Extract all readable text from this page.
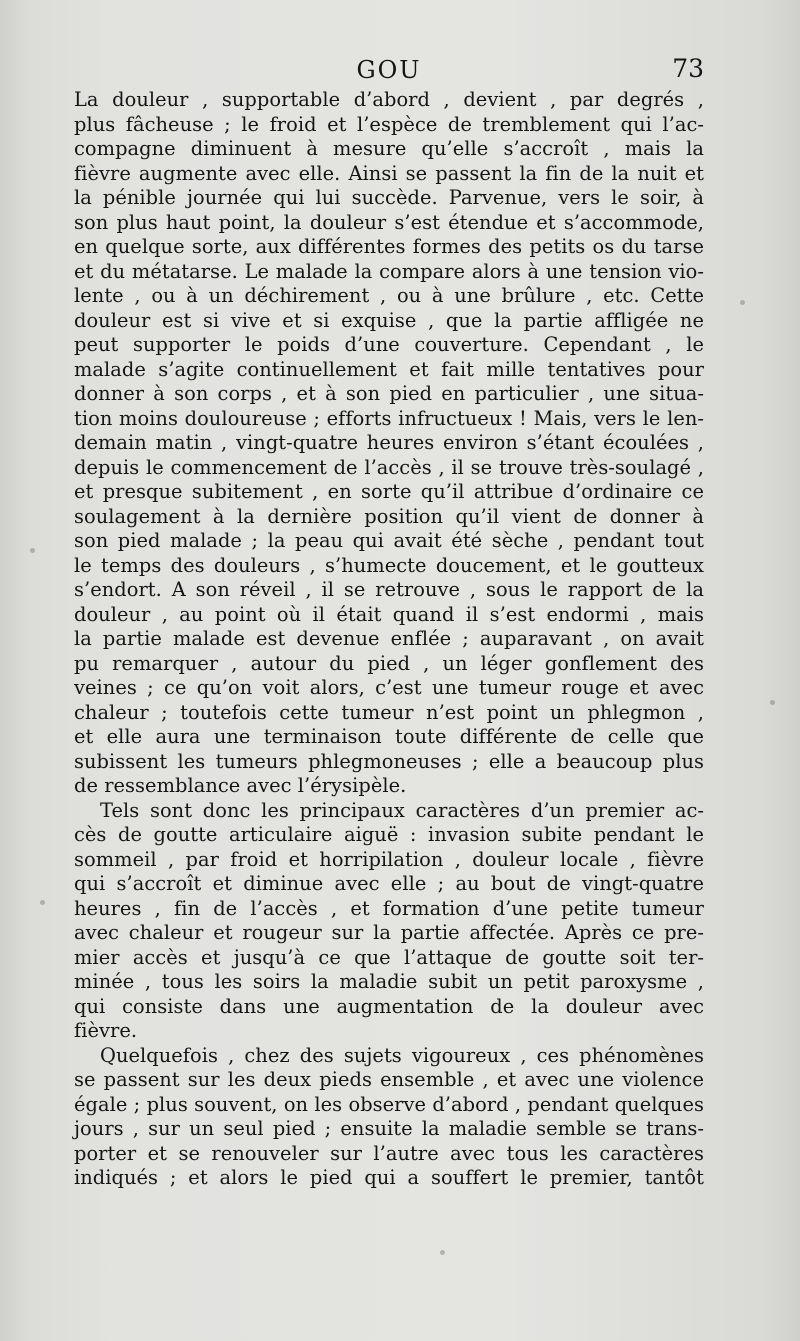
GOU	73
La douleur , supportable d’abord , devient , par degrés ,
plus fâcheuse ; le froid et l’espèce de tremblement qui l’ac-
compagne diminuent à mesure qu’elle s’accroît , mais la
fièvre augmente avec elle. Ainsi se passent la fin de la nuit et
la pénible journée qui lui succède. Parvenue, vers le soir, à
son plus haut point, la douleur s’est étendue et s’accommode,
en quelque sorte, aux différentes formes des petits os du tarse
et du métatarse. Le malade la compare alors à une tension vio-
lente , ou à un déchirement , ou à une brûlure , etc. Cette
douleur est si vive et si exquise , que la partie affligée ne
peut supporter le poids d’une couverture. Cependant , le
malade s’agite continuellement et fait mille tentatives pour
donner à son corps , et à son pied en particulier , une situa-
tion moins douloureuse ; efforts infructueux ! Mais, vers le len-
demain matin , vingt-quatre heures environ s’étant écoulées ,
depuis le commencement de l’accès , il se trouve très-soulagé ,
et presque subitement , en sorte qu’il attribue d’ordinaire ce
soulagement à la dernière position qu’il vient de donner à
son pied malade ; la peau qui avait été sèche , pendant tout
le temps des douleurs , s’humecte doucement, et le goutteux
s’endort. A son réveil , il se retrouve , sous le rapport de la
douleur , au point où il était quand il s’est endormi , mais
la partie malade est devenue enflée ; auparavant , on avait
pu remarquer , autour du pied , un léger gonflement des
veines ; ce qu’on voit alors, c’est une tumeur rouge et avec
chaleur ; toutefois cette tumeur n’est point un phlegmon ,
et elle aura une terminaison toute différente de celle que
subissent les tumeurs phlegmoneuses ; elle a beaucoup plus
de ressemblance avec l’érysipèle.
Tels sont donc les principaux caractères d’un premier ac-
cès de goutte articulaire aiguë : invasion subite pendant le
sommeil , par froid et horripilation , douleur locale , fièvre
qui s’accroît et diminue avec elle ; au bout de vingt-quatre
heures , fin de l’accès , et formation d’une petite tumeur
avec chaleur et rougeur sur la partie affectée. Après ce pre-
mier accès et jusqu’à ce que l’attaque de goutte soit ter-
minée , tous les soirs la maladie subit un petit paroxysme ,
qui consiste dans une augmentation de la douleur avec
fièvre.
Quelquefois , chez des sujets vigoureux , ces phénomènes
se passent sur les deux pieds ensemble , et avec une violence
égale ; plus souvent, on les observe d’abord , pendant quelques
jours , sur un seul pied ; ensuite la maladie semble se trans-
porter et se renouveler sur l’autre avec tous les caractères
indiqués ; et alors le pied qui a souffert le premier, tantôt
